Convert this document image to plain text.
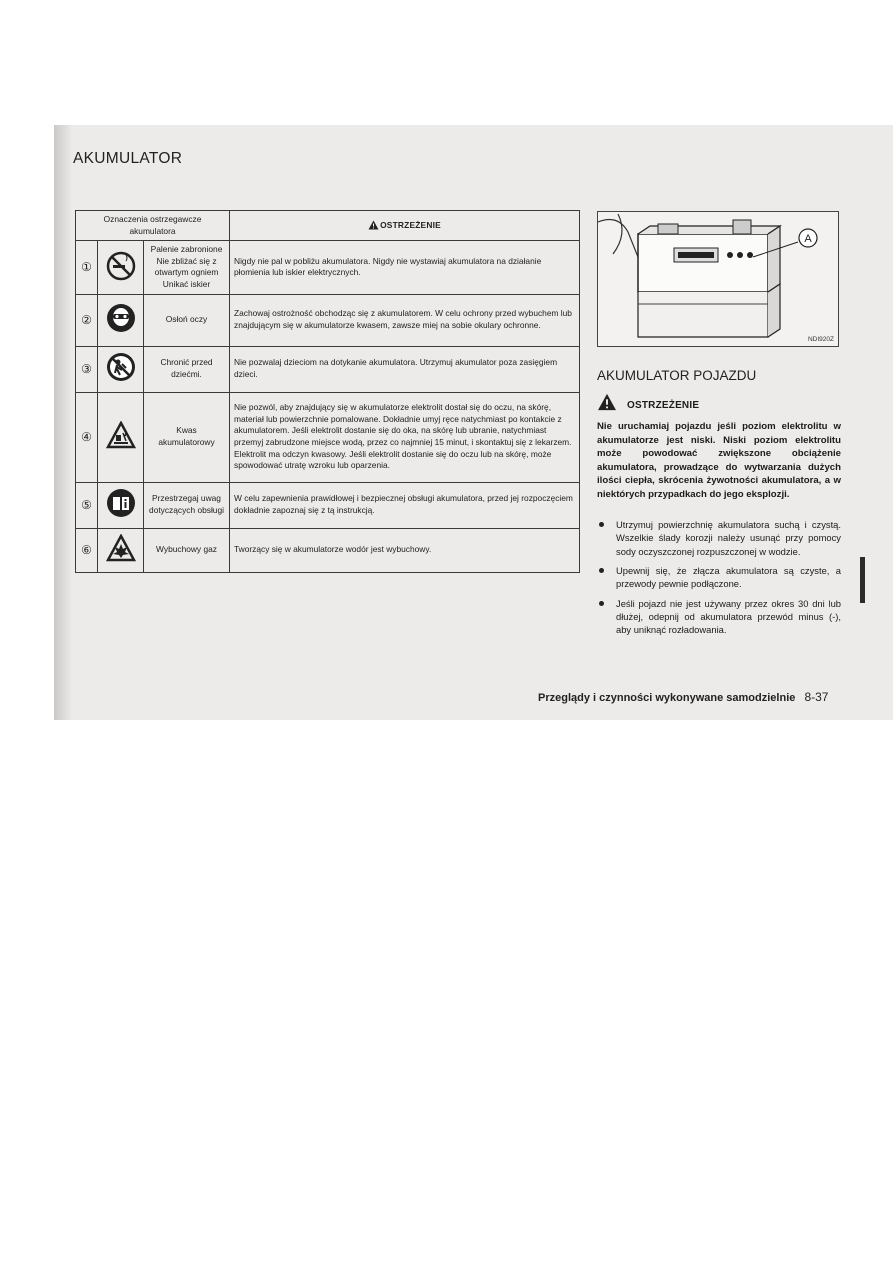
AKUMULATOR
Oznaczenia ostrzegawcze akumulatora			OSTRZEŻENIE
①		Palenie zabronione Nie zbliżać się z otwartym ogniem Unikać iskier	Nigdy nie pal w pobliżu akumulatora. Nigdy nie wystawiaj akumulatora na działanie płomienia lub iskier elektrycznych.
②		Osłoń oczy	Zachowaj ostrożność obchodząc się z akumulatorem. W celu ochrony przed wybuchem lub znajdującym się w akumulatorze kwasem, zawsze miej na sobie okulary ochronne.
③		Chronić przed dziećmi.	Nie pozwalaj dzieciom na dotykanie akumulatora. Utrzymuj akumulator poza zasięgiem dzieci.
④		Kwas akumulatorowy	Nie pozwól, aby znajdujący się w akumulatorze elektrolit dostał się do oczu, na skórę, materiał lub powierzchnie pomalowane. Dokładnie umyj ręce natychmiast po kontakcie z akumulatorem. Jeśli elektrolit dostanie się do oka, na skórę lub ubranie, natychmiast przemyj zabrudzone miejsce wodą, przez co najmniej 15 minut, i skontaktuj się z lekarzem. Elektrolit ma odczyn kwasowy. Jeśli elektrolit dostanie się do oczu lub na skórę, może spowodować utratę wzroku lub oparzenia.
⑤		Przestrzegaj uwag dotyczących obsługi	W celu zapewnienia prawidłowej i bezpiecznej obsługi akumulatora, przed jej rozpoczęciem dokładnie zapoznaj się z tą instrukcją.
⑥		Wybuchowy gaz	Tworzący się w akumulatorze wodór jest wybuchowy.
A
NDI920Z
AKUMULATOR POJAZDU
OSTRZEŻENIE
Nie uruchamiaj pojazdu jeśli poziom elektrolitu w akumulatorze jest niski. Niski poziom elektrolitu może powodować zwiększone obciążenie akumulatora, prowadzące do wytwarzania dużych ilości ciepła, skrócenia żywotności akumulatora, a w niektórych przypadkach do jego eksplozji.
Utrzymuj powierzchnię akumulatora suchą i czystą. Wszelkie ślady korozji należy usunąć przy pomocy sody oczyszczonej rozpuszczonej w wodzie.
Upewnij się, że złącza akumulatora są czyste, a przewody pewnie podłączone.
Jeśli pojazd nie jest używany przez okres 30 dni lub dłużej, odepnij od akumulatora przewód minus (-), aby uniknąć rozładowania.
Przeglądy i czynności wykonywane samodzielnie 8-37
